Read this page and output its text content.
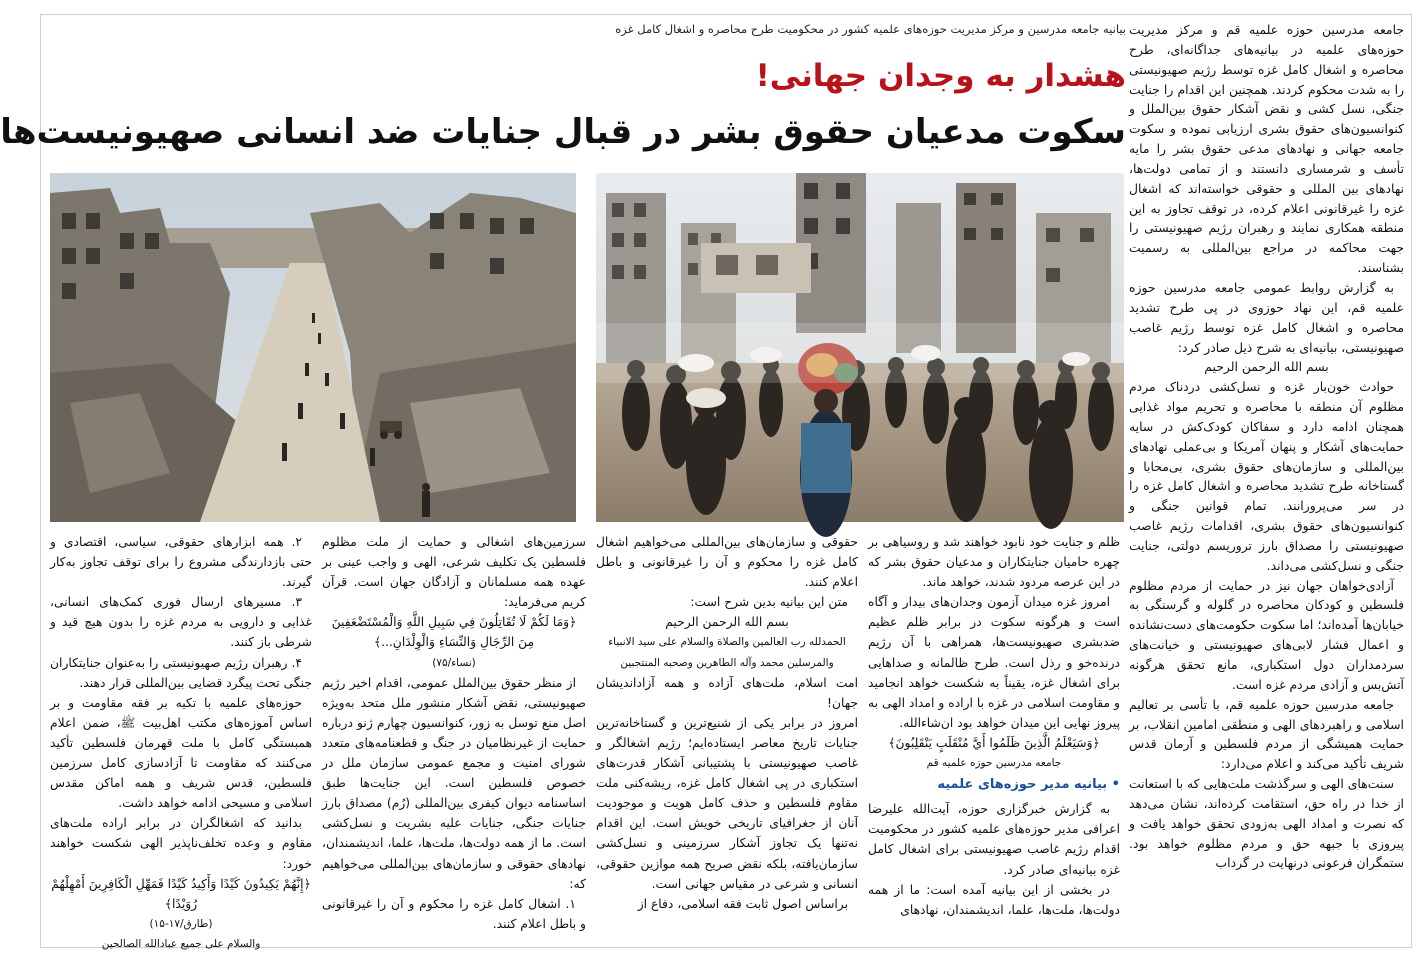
جامعه مدرسین حوزه علمیه قم و مرکز مدیریت حوزه‌های علمیه در بیانیه‌های جداگانه‌ای، طرح محاصره و اشغال کامل غزه توسط رژیم صهیونیستی را به شدت محکوم کردند. همچنین این اقدام را جنایت جنگی، نسل کشی و نقض آشکار حقوق بین‌الملل و کنوانسیون‌های حقوق بشری ارزیابی نموده و سکوت جامعه جهانی و نهادهای مدعی حقوق بشر را مایه تأسف و شرمساری دانستند و از تمامی دولت‌ها، نهادهای بین المللی و حقوقی خواسته‌اند که اشغال غزه را غیرقانونی اعلام کرده، در توقف تجاوز به این منطقه همکاری نمایند و رهبران رژیم صهیونیستی را جهت محاکمه در مراجع بین‌المللی به رسمیت بشناسند.

به گزارش روابط عمومی جامعه مدرسین حوزه علمیه قم، این نهاد حوزوی در پی طرح تشدید محاصره و اشغال کامل غزه توسط رژیم غاصب صهیونیستی، بیانیه‌ای به شرح ذیل صادر کرد:

بسم الله الرحمن الرحیم

حوادث خون‌بار غزه و نسل‌کشی دردناک مردم مظلوم آن منطقه با محاصره و تحریم مواد غذایی همچنان ادامه دارد و سفاکان کودک‌کش در سایه حمایت‌های آشکار و پنهان آمریکا و بی‌عملی نهادهای بین‌المللی و سازمان‌های حقوق بشری، بی‌محابا و گستاخانه طرح تشدید محاصره و اشغال کامل غزه را در سر می‌پرورانند. تمام قوانین جنگی و کنوانسیون‌های حقوق بشری، اقدامات رژیم غاصب صهیونیستی را مصداق بارز تروریسم دولتی، جنایت جنگی و نسل‌کشی می‌داند.

آزادی‌خواهان جهان نیز در حمایت از مردم مظلوم فلسطین و کودکان محاصره در گلوله و گرسنگی به خیابان‌ها آمده‌اند؛ اما سکوت حکومت‌های دست‌نشانده و اعمال فشار لابی‌های صهیونیستی و خیانت‌های سردمداران دول استکباری، مانع تحقق هرگونه آتش‌بس و آزادی مردم غزه است.

جامعه مدرسین حوزه علمیه قم، با تأسی بر تعالیم اسلامی و راهبردهای الهی و منطقی امامین انقلاب، بر حمایت همیشگی از مردم فلسطین و آرمان قدس شریف تأکید می‌کند و اعلام می‌دارد:

سنت‌های الهی و سرگذشت ملت‌هایی که با استعانت از خدا در راه حق، استقامت کرده‌اند، نشان می‌دهد که نصرت و امداد الهی به‌زودی تحقق خواهد یافت و پیروزی با جبهه حق و مردم مظلوم خواهد بود. ستمگران فرعونی درنهایت در گرداب

بیانیه جامعه مدرسین و مرکز مدیریت حوزه‌های علمیه کشور در محکومیت طرح محاصره و اشغال کامل غزه
هشدار به وجدان جهانی!
سکوت مدعیان حقوق بشر در قبال جنایات ضد انسانی صهیونیست‌ها

ظلم و جنایت خود نابود خواهند شد و روسیاهی بر چهره حامیان جنایتکاران و مدعیان حقوق بشر که در این عرصه مردود شدند، خواهد ماند.

امروز غزه میدان آزمون وجدان‌های بیدار و آگاه است و هرگونه سکوت در برابر ظلم عظیم ضدبشری صهیونیست‌ها، همراهی با آن رژیم درنده‌خو و رذل است. طرح ظالمانه و صداهایی برای اشغال غزه، یقیناً به شکست خواهد انجامید و مقاومت اسلامی در غزه با اراده و امداد الهی به پیروز نهایی این میدان خواهد بود ان‌شاءالله.

﴿وَسَيَعْلَمُ الَّذِينَ ظَلَمُوا أَيَّ مُنْقَلَبٍ يَنْقَلِبُونَ﴾

جامعه مدرسین حوزه علمیه قم

• بیانیه مدیر حوزه‌های علمیه

به گزارش خبرگزاری حوزه، آیت‌الله علیرضا اعرافی مدیر حوزه‌های علمیه کشور در محکومیت اقدام رژیم غاصب صهیونیستی برای اشغال کامل غزه بیانیه‌ای صادر کرد.

در بخشی از این بیانیه آمده است: ما از همه دولت‌ها، ملت‌ها، علما، اندیشمندان، نهادهای

حقوقی و سازمان‌های بین‌المللی می‌خواهیم اشغال کامل غزه را محکوم و آن را غیرقانونی و باطل اعلام کنند.

متن این بیانیه بدین شرح است:

بسم الله الرحمن الرحیم

الحمدلله رب العالمین والصلاة والسلام علی سید الانبیاء والمرسلین محمد وآله الطاهرین وصحبه المنتجبین

امت اسلام، ملت‌های آزاده و همه آزاداندیشان جهان!

امروز در برابر یکی از شنیع‌ترین و گستاخانه‌ترین جنایات تاریخ معاصر ایستاده‌ایم؛ رژیم اشغالگر و غاصب صهیونیستی با پشتیبانی آشکار قدرت‌های استکباری در پی اشغال کامل غزه، ریشه‌کنی ملت مقاوم فلسطین و حذف کامل هویت و موجودیت آنان از جغرافیای تاریخی خویش است. این اقدام نه‌تنها یک تجاوز آشکار سرزمینی و نسل‌کشی سازمان‌یافته، بلکه نقض صریح همه موازین حقوقی، انسانی و شرعی در مقیاس جهانی است.

براساس اصول ثابت فقه اسلامی، دفاع از

سرزمین‌های اشغالی و حمایت از ملت مظلوم فلسطین یک تکلیف شرعی، الهی و واجب عینی بر عهده همه مسلمانان و آزادگان جهان است. قرآن کریم می‌فرماید:

﴿وَمَا لَكُمْ لَا تُقَاتِلُونَ فِي سَبِيلِ اللَّهِ وَالْمُسْتَضْعَفِينَ مِنَ الرِّجَالِ وَالنِّسَاءِ وَالْوِلْدَانِ...﴾

(نساء/۷۵)

از منظر حقوق بین‌الملل عمومی، اقدام اخیر رژیم صهیونیستی، نقض آشکار منشور ملل متحد به‌ویژه اصل منع توسل به زور، کنوانسیون چهارم ژنو درباره حمایت از غیرنظامیان در جنگ و قطعنامه‌های متعدد شورای امنیت و مجمع عمومی سازمان ملل در خصوص فلسطین است. این جنایت‌ها طبق اساسنامه دیوان کیفری بین‌المللی (رُم) مصداق بارز جنایات جنگی، جنایات علیه بشریت و نسل‌کشی است. ما از همه دولت‌ها، ملت‌ها، علما، اندیشمندان، نهادهای حقوقی و سازمان‌های بین‌المللی می‌خواهیم که:

۱. اشغال کامل غزه را محکوم و آن را غیرقانونی و باطل اعلام کنند.

۲. همه ابزارهای حقوقی، سیاسی، اقتصادی و حتی بازدارندگی مشروع را برای توقف تجاوز به‌کار گیرند.

۳. مسیرهای ارسال فوری کمک‌های انسانی، غذایی و دارویی به مردم غزه را بدون هیچ قید و شرطی باز کنند.

۴. رهبران رژیم صهیونیستی را به‌عنوان جنایتکاران جنگی تحت پیگرد قضایی بین‌المللی قرار دهند.

حوزه‌های علمیه با تکیه بر فقه مقاومت و بر اساس آموزه‌های مکتب اهل‌بیت ﷺ، ضمن اعلام همبستگی کامل با ملت قهرمان فلسطین تأکید می‌کنند که مقاومت تا آزادسازی کامل سرزمین فلسطین، قدس شریف و همه اماکن مقدس اسلامی و مسیحی ادامه خواهد داشت.

بدانید که اشغالگران در برابر اراده ملت‌های مقاوم و وعده تخلف‌ناپذیر الهی شکست خواهند خورد:

﴿إِنَّهُمْ يَكِيدُونَ كَيْدًا وَأَكِيدُ كَيْدًا فَمَهِّلِ الْكَافِرِينَ أَمْهِلْهُمْ رُوَيْدًا﴾

(طارق/۱۷-۱۵)

والسلام علی جمیع عبادالله الصالحین
